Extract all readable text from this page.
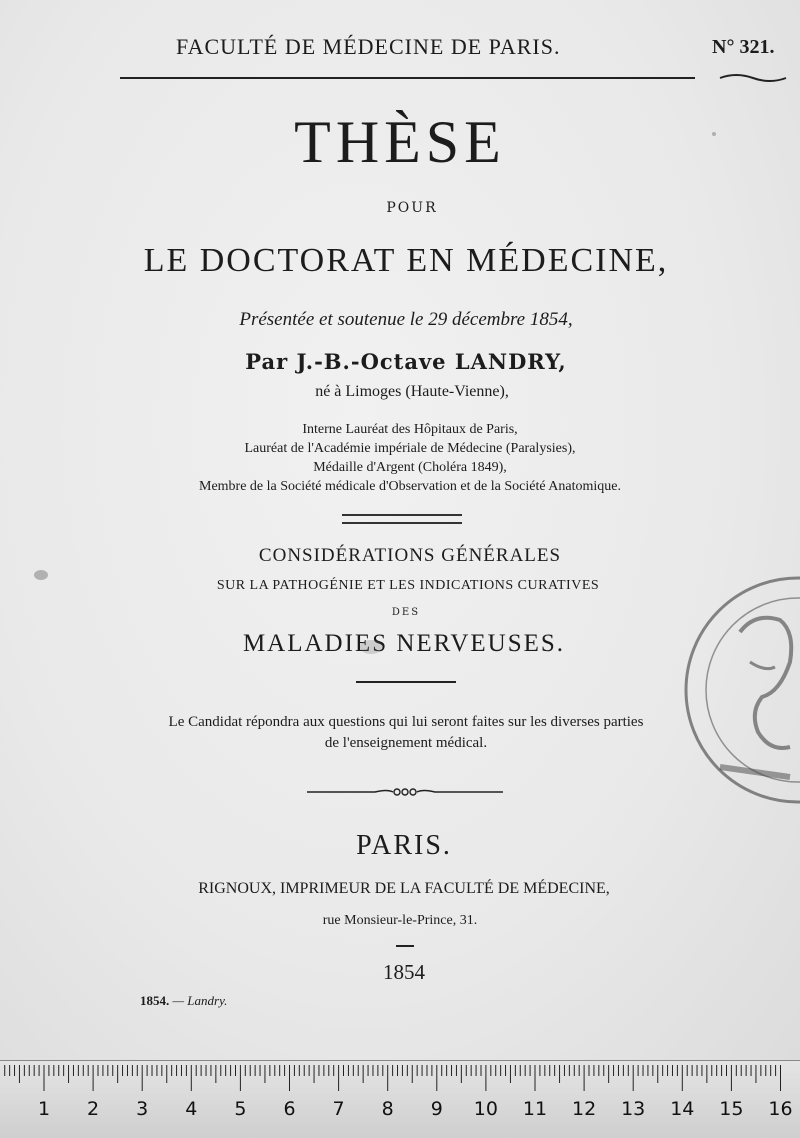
FACULTÉ DE MÉDECINE DE PARIS.	N° 321.
THÈSE
POUR
LE DOCTORAT EN MÉDECINE,
Présentée et soutenue le 29 décembre 1854,
Par J.-B.-Octave LANDRY,
né à Limoges (Haute-Vienne),
Interne Lauréat des Hôpitaux de Paris,
Lauréat de l'Académie impériale de Médecine (Paralysies),
Médaille d'Argent (Choléra 1849),
Membre de la Société médicale d'Observation et de la Société Anatomique.
CONSIDÉRATIONS GÉNÉRALES
SUR LA PATHOGÉNIE ET LES INDICATIONS CURATIVES
DES
MALADIES NERVEUSES.
Le Candidat répondra aux questions qui lui seront faites sur les diverses parties
de l'enseignement médical.
PARIS.
RIGNOUX, IMPRIMEUR DE LA FACULTÉ DE MÉDECINE,
rue Monsieur-le-Prince, 31.
1854
1854. — Landry.
1 2 3 4 5 6 7 8 9 10 11 12 13 14 15 16
